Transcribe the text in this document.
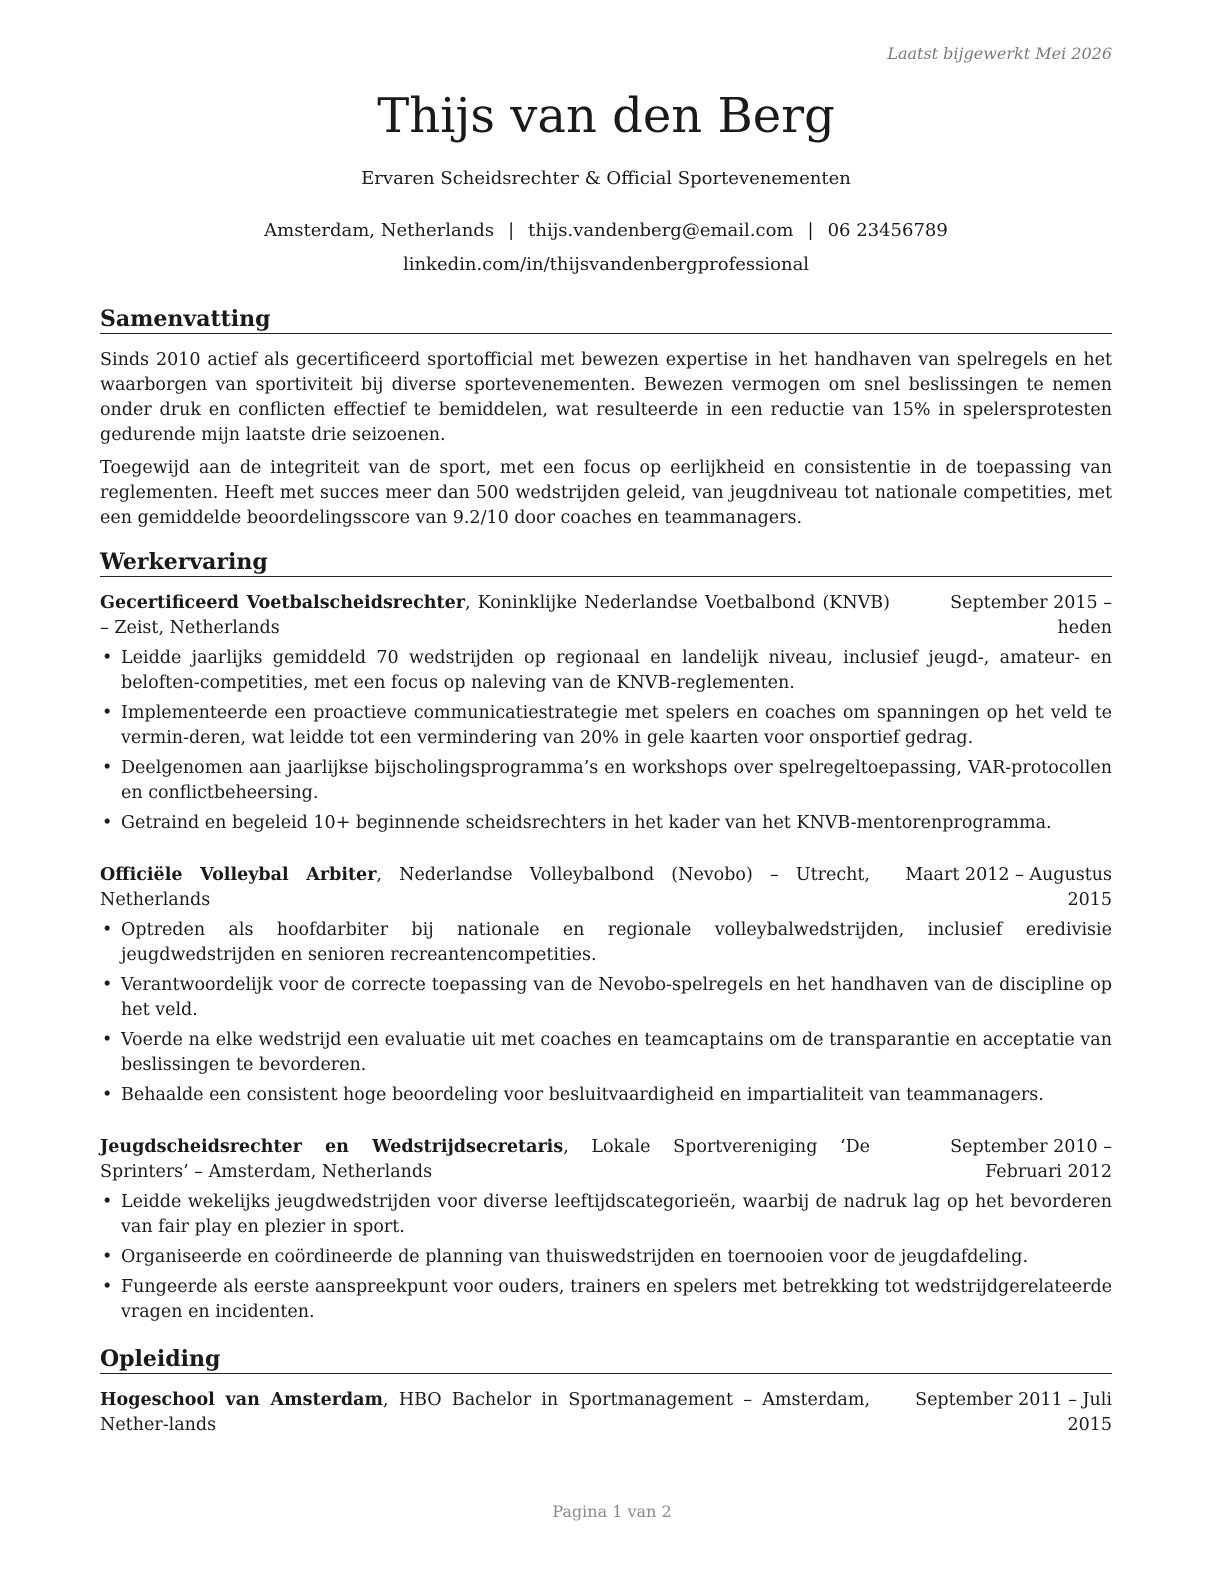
Laatst bijgewerkt Mei 2026
Thijs van den Berg
Ervaren Scheidsrechter & Official Sportevenementen
Amsterdam, Netherlands | thijs.vandenberg@email.com | 06 23456789
linkedin.com/in/thijsvandenbergprofessional
Samenvatting

Sinds 2010 actief als gecertificeerd sportofficial met bewezen expertise in het handhaven van spelregels en het waarborgen van sportiviteit bij diverse sportevenementen. Bewezen vermogen om snel beslissingen te nemen onder druk en conflicten effectief te bemiddelen, wat resulteerde in een reductie van 15% in spelersprotesten gedurende mijn laatste drie seizoenen.

Toegewijd aan de integriteit van de sport, met een focus op eerlijkheid en consistentie in de toepassing van reglementen. Heeft met succes meer dan 500 wedstrijden geleid, van jeugdniveau tot nationale competities, met een gemiddelde beoordelingsscore van 9.2/10 door coaches en teammanagers.

Werkervaring
Gecertificeerd Voetbalscheidsrechter, Koninklijke Nederlandse Voetbalbond (KNVB) – Zeist, Netherlands
September 2015 – heden
• Leidde jaarlijks gemiddeld 70 wedstrijden op regionaal en landelijk niveau, inclusief jeugd-, amateur- en beloften-competities, met een focus op naleving van de KNVB-reglementen.
• Implementeerde een proactieve communicatiestrategie met spelers en coaches om spanningen op het veld te vermin-deren, wat leidde tot een vermindering van 20% in gele kaarten voor onsportief gedrag.
• Deelgenomen aan jaarlijkse bijscholingsprogramma’s en workshops over spelregeltoepassing, VAR-protocollen en conflictbeheersing.
• Getraind en begeleid 10+ beginnende scheidsrechters in het kader van het KNVB-mentorenprogramma.
Officiële Volleybal Arbiter, Nederlandse Volleybalbond (Nevobo) – Utrecht, Netherlands
Maart 2012 – Augustus 2015
• Optreden als hoofdarbiter bij nationale en regionale volleybalwedstrijden, inclusief eredivisie jeugdwedstrijden en senioren recreantencompetities.
• Verantwoordelijk voor de correcte toepassing van de Nevobo-spelregels en het handhaven van de discipline op het veld.
• Voerde na elke wedstrijd een evaluatie uit met coaches en teamcaptains om de transparantie en acceptatie van beslissingen te bevorderen.
• Behaalde een consistent hoge beoordeling voor besluitvaardigheid en impartialiteit van teammanagers.
Jeugdscheidsrechter en Wedstrijdsecretaris, Lokale Sportvereniging ‘De Sprinters’ – Amsterdam, Netherlands
September 2010 – Februari 2012
• Leidde wekelijks jeugdwedstrijden voor diverse leeftijdscategorieën, waarbij de nadruk lag op het bevorderen van fair play en plezier in sport.
• Organiseerde en coördineerde de planning van thuiswedstrijden en toernooien voor de jeugdafdeling.
• Fungeerde als eerste aanspreekpunt voor ouders, trainers en spelers met betrekking tot wedstrijdgerelateerde vragen en incidenten.
Opleiding
Hogeschool van Amsterdam, HBO Bachelor in Sportmanagement – Amsterdam, Nether-lands
September 2011 – Juli 2015
Pagina 1 van 2
